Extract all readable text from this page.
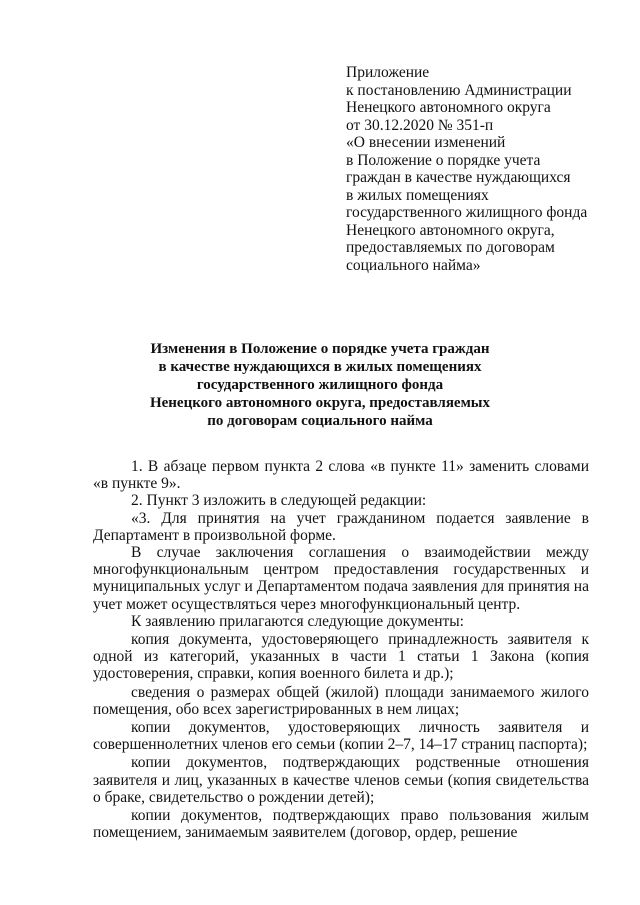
Приложение
к постановлению Администрации
Ненецкого автономного округа
от 30.12.2020 № 351-п
«О внесении изменений
в Положение о порядке учета
граждан в качестве нуждающихся
в жилых помещениях
государственного жилищного фонда
Ненецкого автономного округа,
предоставляемых по договорам
социального найма»
Изменения в Положение о порядке учета граждан
в качестве нуждающихся в жилых помещениях
государственного жилищного фонда
Ненецкого автономного округа, предоставляемых
по договорам социального найма

1. В абзаце первом пункта 2 слова «в пункте 11» заменить словами «в пункте 9».

2. Пункт 3 изложить в следующей редакции:

«3. Для принятия на учет гражданином подается заявление в Департамент в произвольной форме.

В случае заключения соглашения о взаимодействии между многофункциональным центром предоставления государственных и муниципальных услуг и Департаментом подача заявления для принятия на учет может осуществляться через многофункциональный центр.

К заявлению прилагаются следующие документы:

копия документа, удостоверяющего принадлежность заявителя к одной из категорий, указанных в части 1 статьи 1 Закона (копия удостоверения, справки, копия военного билета и др.);

сведения о размерах общей (жилой) площади занимаемого жилого помещения, обо всех зарегистрированных в нем лицах;

копии документов, удостоверяющих личность заявителя и совершеннолетних членов его семьи (копии 2–7, 14–17 страниц паспорта);

копии документов, подтверждающих родственные отношения заявителя и лиц, указанных в качестве членов семьи (копия свидетельства о браке, свидетельство о рождении детей);

копии документов, подтверждающих право пользования жилым помещением, занимаемым заявителем (договор, ордер, решение
